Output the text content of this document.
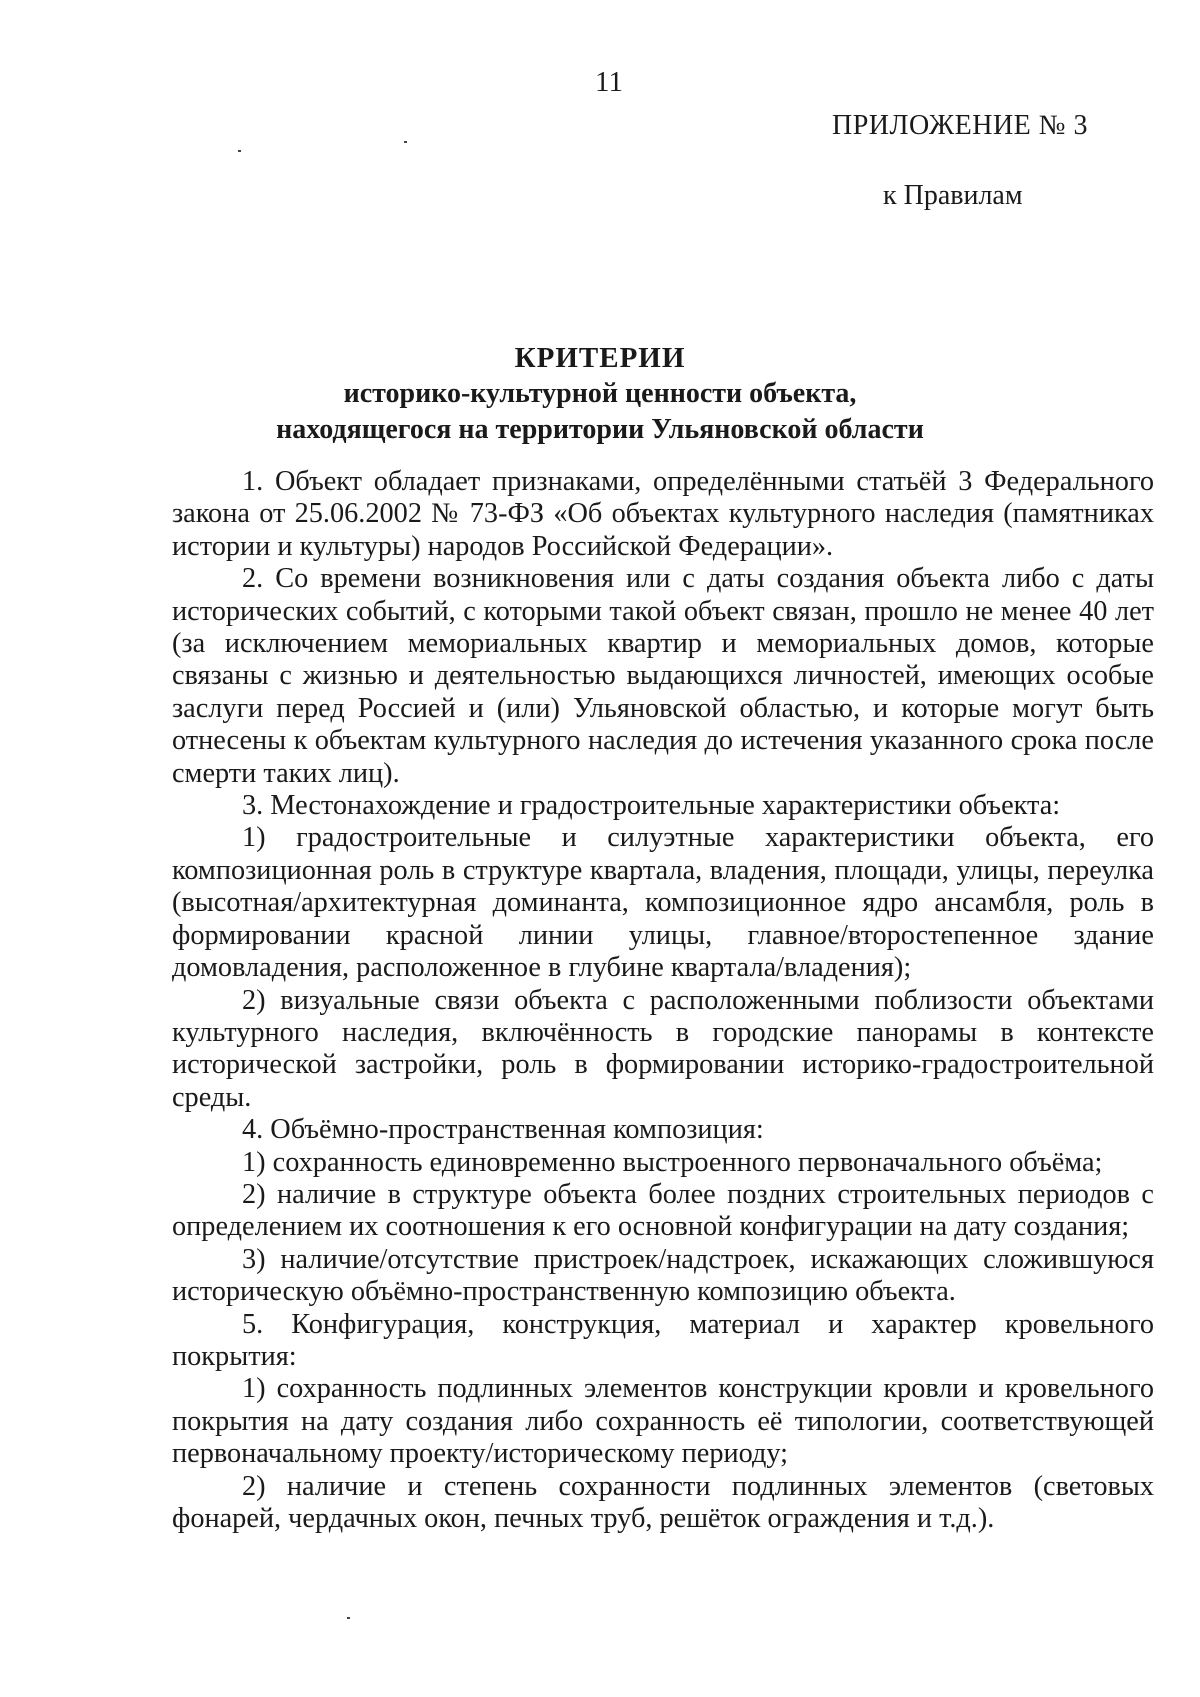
11
ПРИЛОЖЕНИЕ № 3
к Правилам
КРИТЕРИИ
историко-культурной ценности объекта,
находящегося на территории Ульяновской области

1. Объект обладает признаками, определёнными статьёй 3 Федерального закона от 25.06.2002 № 73-ФЗ «Об объектах культурного наследия (памятниках истории и культуры) народов Российской Федерации».

2. Со времени возникновения или с даты создания объекта либо с даты исторических событий, с которыми такой объект связан, прошло не менее 40 лет (за исключением мемориальных квартир и мемориальных домов, которые связаны с жизнью и деятельностью выдающихся личностей, имеющих особые заслуги перед Россией и (или) Ульяновской областью, и которые могут быть отнесены к объектам культурного наследия до истечения указанного срока после смерти таких лиц).

3. Местонахождение и градостроительные характеристики объекта:

1) градостроительные и силуэтные характеристики объекта, его композиционная роль в структуре квартала, владения, площади, улицы, переулка (высотная/архитектурная доминанта, композиционное ядро ансамбля, роль в формировании красной линии улицы, главное/второстепенное здание домовладения, расположенное в глубине квартала/владения);

2) визуальные связи объекта с расположенными поблизости объектами культурного наследия, включённость в городские панорамы в контексте исторической застройки, роль в формировании историко-градостроительной среды.

4. Объёмно-пространственная композиция:

1) сохранность единовременно выстроенного первоначального объёма;

2) наличие в структуре объекта более поздних строительных периодов с определением их соотношения к его основной конфигурации на дату создания;

3) наличие/отсутствие пристроек/надстроек, искажающих сложившуюся историческую объёмно-пространственную композицию объекта.

5. Конфигурация, конструкция, материал и характер кровельного покрытия:

1) сохранность подлинных элементов конструкции кровли и кровельного покрытия на дату создания либо сохранность её типологии, соответствующей первоначальному проекту/историческому периоду;

2) наличие и степень сохранности подлинных элементов (световых фонарей, чердачных окон, печных труб, решёток ограждения и т.д.).
